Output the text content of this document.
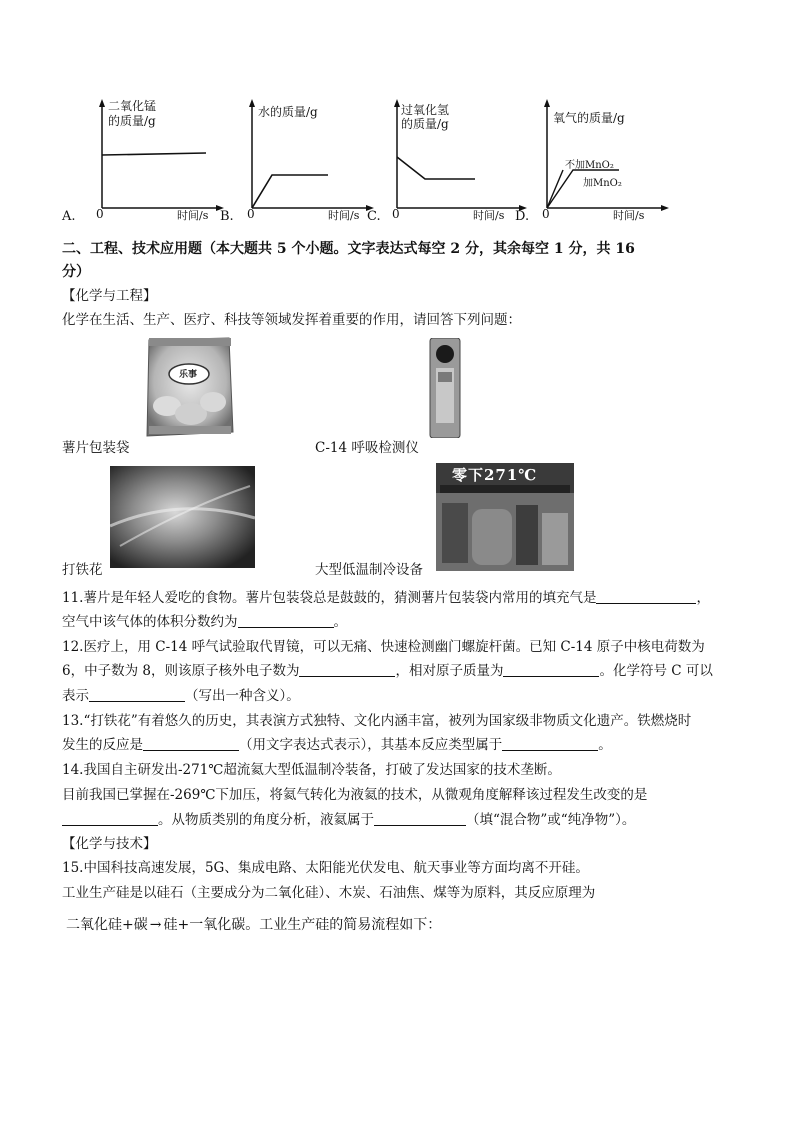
二氧化锰
的质量/g
0	时间/s
A.
水的质量/g
0	时间/s
B.
过氧化氢
的质量/g
0	时间/s
C.
氧气的质量/g
不加MnO₂
加MnO₂
0	时间/s
D.
二、工程、技术应用题（本大题共 5 个小题。文字表达式每空 2 分，其余每空 1 分，共 16
分）
【化学与工程】
化学在生活、生产、医疗、科技等领域发挥着重要的作用，请回答下列问题：
乐事
薯片包装袋	C-14 呼吸检测仪
打铁花
零下271℃
大型低温制冷设备
11.薯片是年轻人爱吃的食物。薯片包装袋总是鼓鼓的，猜测薯片包装袋内常用的填充气是	，
空气中该气体的体积分数约为	。
12.医疗上，用 C-14 呼气试验取代胃镜，可以无痛、快速检测幽门螺旋杆菌。已知 C-14 原子中核电荷数为
6，中子数为 8，则该原子核外电子数为	，相对原子质量为	。化学符号 C 可以
表示	（写出一种含义）。
13.“打铁花”有着悠久的历史，其表演方式独特、文化内涵丰富，被列为国家级非物质文化遗产。铁燃烧时
发生的反应是	（用文字表达式表示），其基本反应类型属于	。
14.我国自主研发出-271℃超流氦大型低温制冷装备，打破了发达国家的技术垄断。
目前我国已掌握在-269℃下加压，将氦气转化为液氦的技术，从微观角度解释该过程发生改变的是
。从物质类别的角度分析，液氦属于	（填“混合物”或“纯净物”）。
【化学与技术】
15.中国科技高速发展，5G、集成电路、太阳能光伏发电、航天事业等方面均离不开硅。
工业生产硅是以硅石（主要成分为二氧化硅）、木炭、石油焦、煤等为原料，其反应原理为
二氧化硅+碳 → 硅+一氧化碳。工业生产硅的简易流程如下：
